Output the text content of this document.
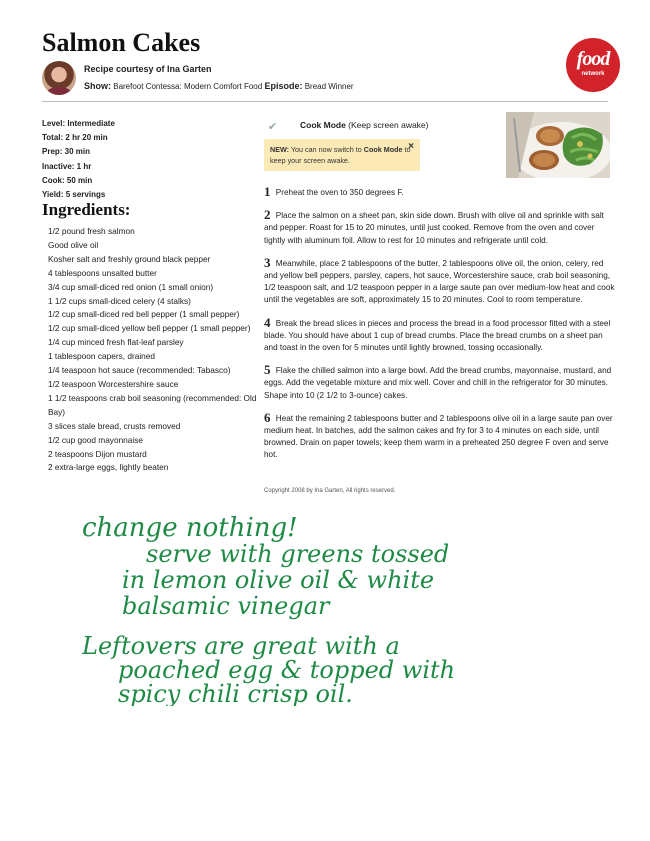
Salmon Cakes
Recipe courtesy of Ina Garten
Show: Barefoot Contessa: Modern Comfort Food Episode: Bread Winner
food
network
Level: Intermediate
Total: 2 hr 20 min
Prep: 30 min
Inactive: 1 hr
Cook: 50 min
Yield: 5 servings
Ingredients:
1/2 pound fresh salmon
Good olive oil
Kosher salt and freshly ground black pepper
4 tablespoons unsalted butter
3/4 cup small-diced red onion (1 small onion)
1 1/2 cups small-diced celery (4 stalks)
1/2 cup small-diced red bell pepper (1 small pepper)
1/2 cup small-diced yellow bell pepper (1 small pepper)
1/4 cup minced fresh flat-leaf parsley
1 tablespoon capers, drained
1/4 teaspoon hot sauce (recommended: Tabasco)
1/2 teaspoon Worcestershire sauce
1 1/2 teaspoons crab boil seasoning (recommended: Old Bay)
3 slices stale bread, crusts removed
1/2 cup good mayonnaise
2 teaspoons Dijon mustard
2 extra-large eggs, lightly beaten
✔	Cook Mode (Keep screen awake)
NEW: You can now switch to Cook Mode to keep your screen awake.
×
1 Preheat the oven to 350 degrees F.
2 Place the salmon on a sheet pan, skin side down. Brush with olive oil and sprinkle with salt and pepper. Roast for 15 to 20 minutes, until just cooked. Remove from the oven and cover tightly with aluminum foil. Allow to rest for 10 minutes and refrigerate until cold.
3 Meanwhile, place 2 tablespoons of the butter, 2 tablespoons olive oil, the onion, celery, red and yellow bell peppers, parsley, capers, hot sauce, Worcestershire sauce, crab boil seasoning, 1/2 teaspoon salt, and 1/2 teaspoon pepper in a large saute pan over medium-low heat and cook until the vegetables are soft, approximately 15 to 20 minutes. Cool to room temperature.
4 Break the bread slices in pieces and process the bread in a food processor fitted with a steel blade. You should have about 1 cup of bread crumbs. Place the bread crumbs on a sheet pan and toast in the oven for 5 minutes until lightly browned, tossing occasionally.
5 Flake the chilled salmon into a large bowl. Add the bread crumbs, mayonnaise, mustard, and eggs. Add the vegetable mixture and mix well. Cover and chill in the refrigerator for 30 minutes. Shape into 10 (2 1/2 to 3-ounce) cakes.
6 Heat the remaining 2 tablespoons butter and 2 tablespoons olive oil in a large saute pan over medium heat. In batches, add the salmon cakes and fry for 3 to 4 minutes on each side, until browned. Drain on paper towels; keep them warm in a preheated 250 degree F oven and serve hot.
Copyright 2008 by Ina Garten, All rights reserved.
change nothing!
serve with greens tossed
in lemon olive oil & white
balsamic vinegar
Leftovers are great with a
poached egg & topped with
spicy chili crisp oil.
